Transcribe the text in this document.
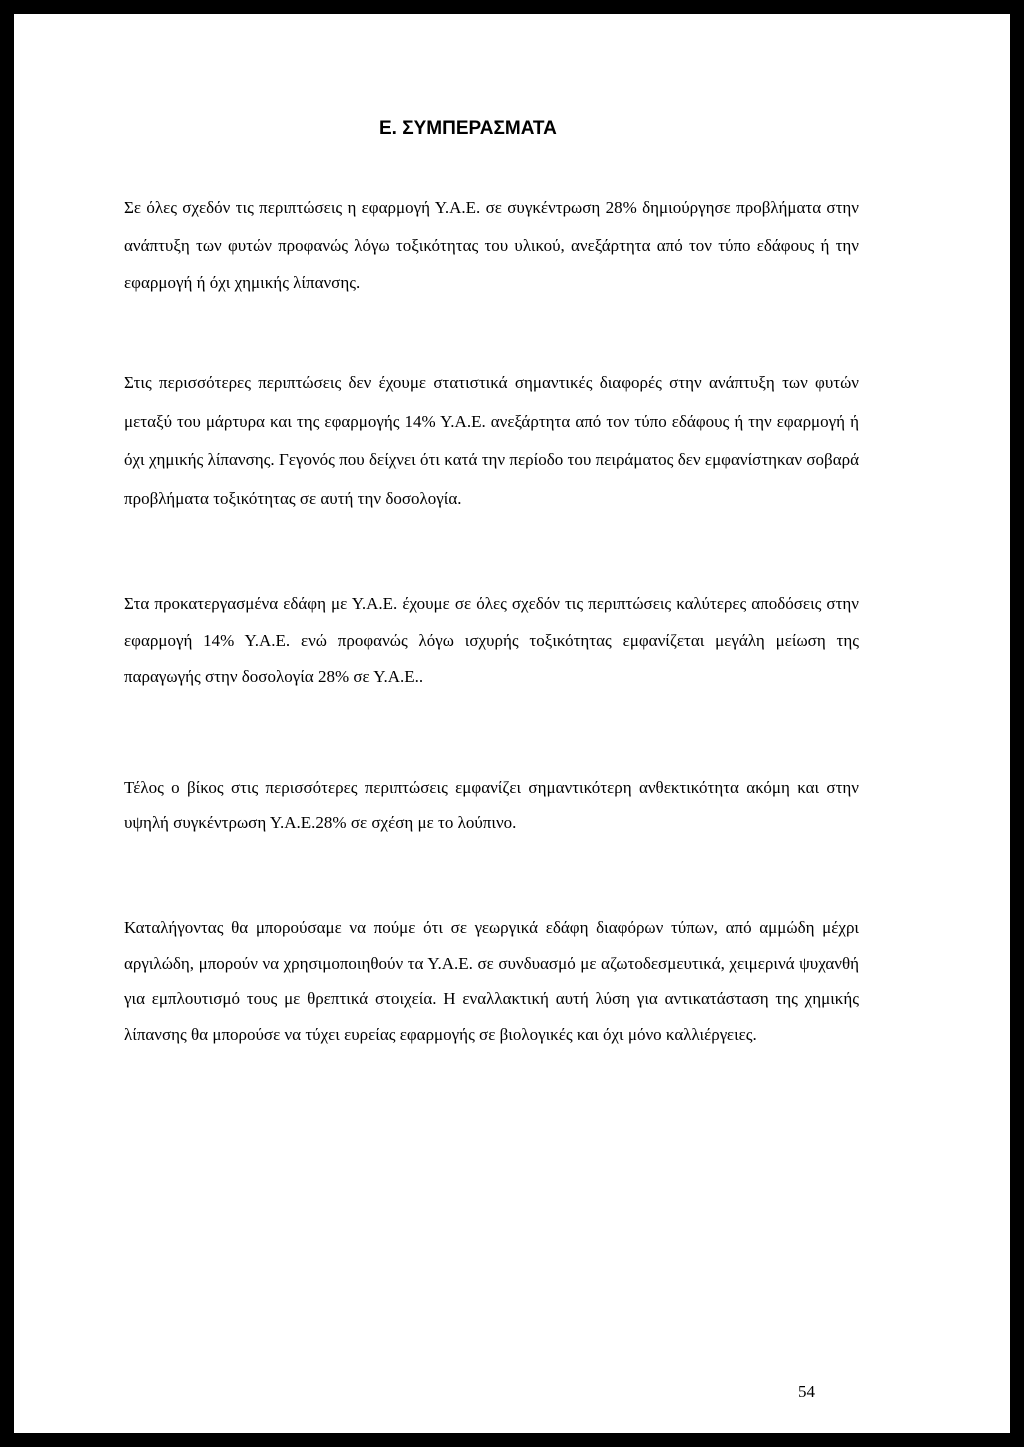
Ε. ΣΥΜΠΕΡΑΣΜΑΤΑ

Σε όλες σχεδόν τις περιπτώσεις η εφαρμογή Υ.Α.Ε. σε συγκέντρωση 28% δημιούργησε προβλήματα στην ανάπτυξη των φυτών προφανώς λόγω τοξικότητας του υλικού, ανεξάρτητα από τον τύπο εδάφους ή την εφαρμογή ή όχι χημικής λίπανσης.

Στις περισσότερες περιπτώσεις δεν έχουμε στατιστικά σημαντικές διαφορές στην ανάπτυξη των φυτών μεταξύ του μάρτυρα και της εφαρμογής 14% Υ.Α.Ε. ανεξάρτητα από τον τύπο εδάφους ή την εφαρμογή ή όχι χημικής λίπανσης. Γεγονός που δείχνει ότι κατά την περίοδο του πειράματος δεν εμφανίστηκαν σοβαρά προβλήματα τοξικότητας σε αυτή την δοσολογία.

Στα προκατεργασμένα εδάφη με Υ.Α.Ε. έχουμε σε όλες σχεδόν τις περιπτώσεις καλύτερες αποδόσεις στην εφαρμογή 14% Υ.Α.Ε. ενώ προφανώς λόγω ισχυρής τοξικότητας εμφανίζεται μεγάλη μείωση της παραγωγής στην δοσολογία 28% σε Υ.Α.Ε..

Τέλος ο βίκος στις περισσότερες περιπτώσεις εμφανίζει σημαντικότερη ανθεκτικότητα ακόμη και στην υψηλή συγκέντρωση Υ.Α.Ε.28% σε σχέση με το λούπινο.

Καταλήγοντας θα μπορούσαμε να πούμε ότι σε γεωργικά εδάφη διαφόρων τύπων, από αμμώδη μέχρι αργιλώδη, μπορούν να χρησιμοποιηθούν τα Υ.Α.Ε. σε συνδυασμό με αζωτοδεσμευτικά, χειμερινά ψυχανθή για εμπλουτισμό τους με θρεπτικά στοιχεία. Η εναλλακτική αυτή λύση για αντικατάσταση της χημικής λίπανσης θα μπορούσε να τύχει ευρείας εφαρμογής σε βιολογικές και όχι μόνο καλλιέργειες.

54
